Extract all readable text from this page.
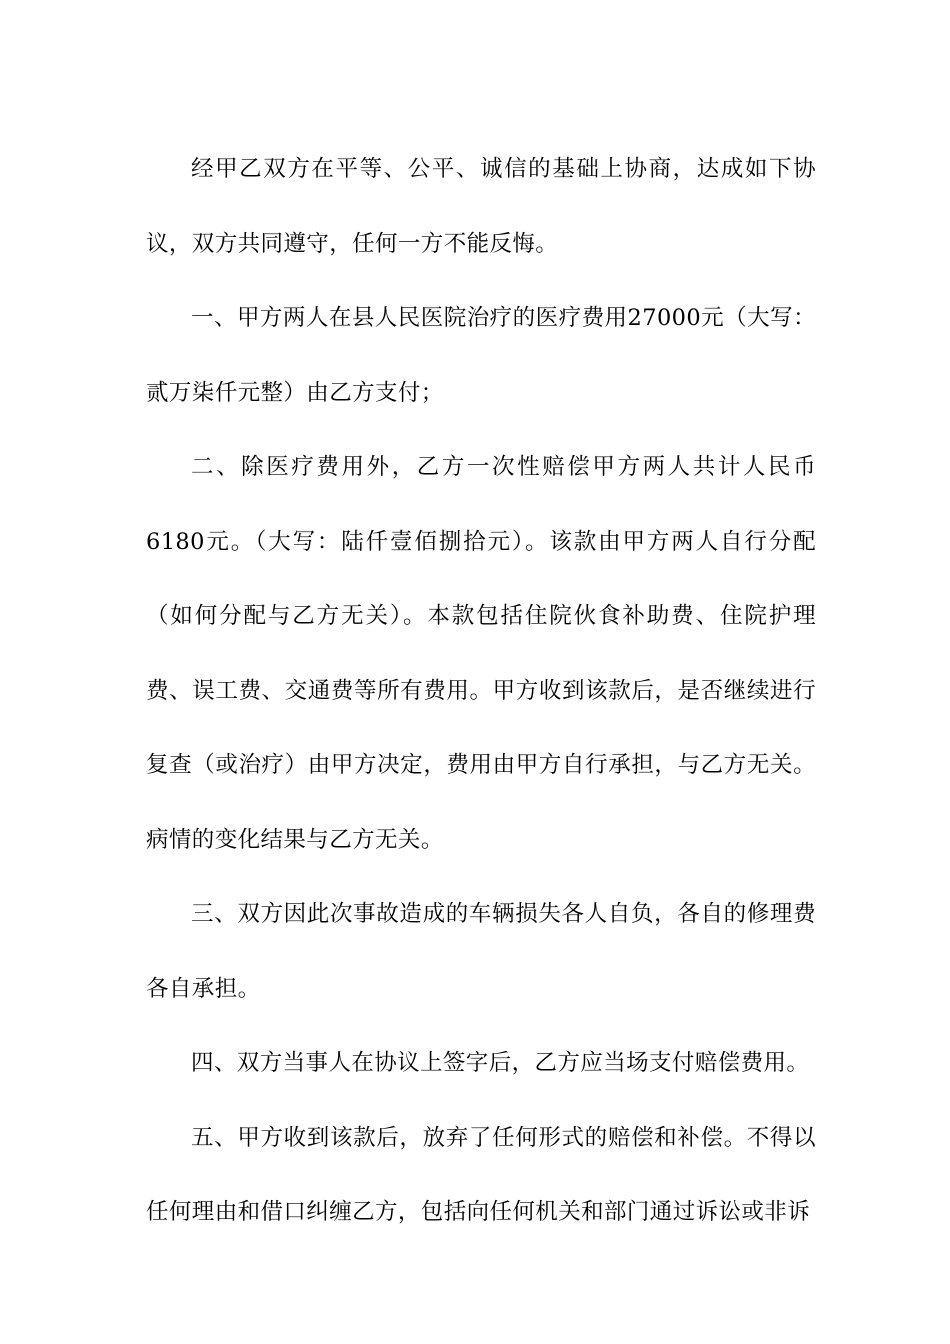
经甲乙双方在平等、公平、诚信的基础上协商，达成如下协议，双方共同遵守，任何一方不能反悔。

一、甲方两人在县人民医院治疗的医疗费用27000元（大写：贰万柒仟元整）由乙方支付；

二、除医疗费用外，乙方一次性赔偿甲方两人共计人民币6180元。（大写：陆仟壹佰捌拾元）。该款由甲方两人自行分配（如何分配与乙方无关）。本款包括住院伙食补助费、住院护理费、误工费、交通费等所有费用。甲方收到该款后，是否继续进行复查（或治疗）由甲方决定，费用由甲方自行承担，与乙方无关。病情的变化结果与乙方无关。

三、双方因此次事故造成的车辆损失各人自负，各自的修理费各自承担。

四、双方当事人在协议上签字后，乙方应当场支付赔偿费用。

五、甲方收到该款后，放弃了任何形式的赔偿和补偿。不得以任何理由和借口纠缠乙方，包括向任何机关和部门通过诉讼或非诉
